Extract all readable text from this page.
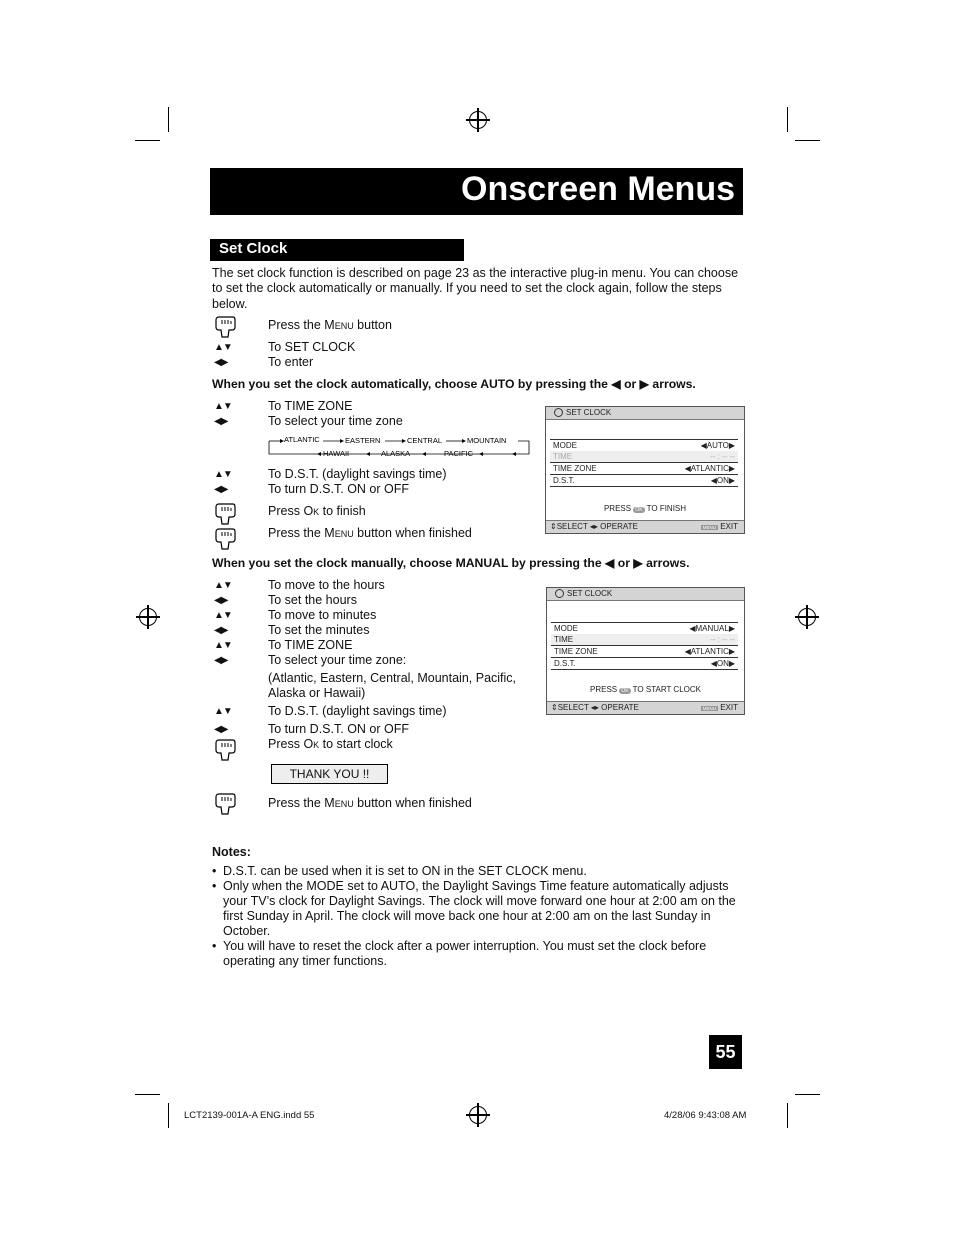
Onscreen Menus
Set Clock
The set clock function is described on page 23 as the interactive plug-in menu. You can choose to set the clock automatically or manually. If you need to set the clock again, follow the steps below.
Press the Menu button
▲▼	To SET CLOCK
◀▶	To enter
When you set the clock automatically, choose AUTO by pressing the ◀ or ▶ arrows.
▲▼	To TIME ZONE
◀▶	To select your time zone
ATLANTIC	EASTERN	CENTRAL	MOUNTAIN
HAWAII	ALASKA	PACIFIC
▲▼	To D.S.T. (daylight savings time)
◀▶	To turn D.S.T. ON or OFF
Press Ok to finish
Press the Menu button when finished
SET CLOCK
MODE	◀AUTO▶
TIME	-- : -- --
TIME ZONE	◀ATLANTIC▶
D.S.T.	◀ON▶
PRESS OK TO FINISH
⇕SELECT ◂▸ OPERATE	MENU EXIT
When you set the clock manually, choose MANUAL by pressing the ◀ or ▶ arrows.
▲▼	To move to the hours
◀▶	To set the hours
▲▼	To move to minutes
◀▶	To set the minutes
▲▼	To TIME ZONE
◀▶	To select your time zone:
(Atlantic, Eastern, Central, Mountain, Pacific,
Alaska or Hawaii)
▲▼	To D.S.T. (daylight savings time)
◀▶	To turn D.S.T. ON or OFF
Press Ok to start clock
THANK YOU !!
Press the Menu button when finished
SET CLOCK
MODE	◀MANUAL▶
TIME	-- : -- --
TIME ZONE	◀ATLANTIC▶
D.S.T.	◀ON▶
PRESS OK TO START CLOCK
⇕SELECT ◂▸ OPERATE	MENU EXIT
Notes:
• D.S.T. can be used when it is set to ON in the SET CLOCK menu.
• Only when the MODE set to AUTO, the Daylight Savings Time feature automatically adjusts your TV’s clock for Daylight Savings. The clock will move forward one hour at 2:00 am on the first Sunday in April. The clock will move back one hour at 2:00 am on the last Sunday in October.
• You will have to reset the clock after a power interruption. You must set the clock before operating any timer functions.
55
LCT2139-001A-A ENG.indd 55	4/28/06 9:43:08 AM
